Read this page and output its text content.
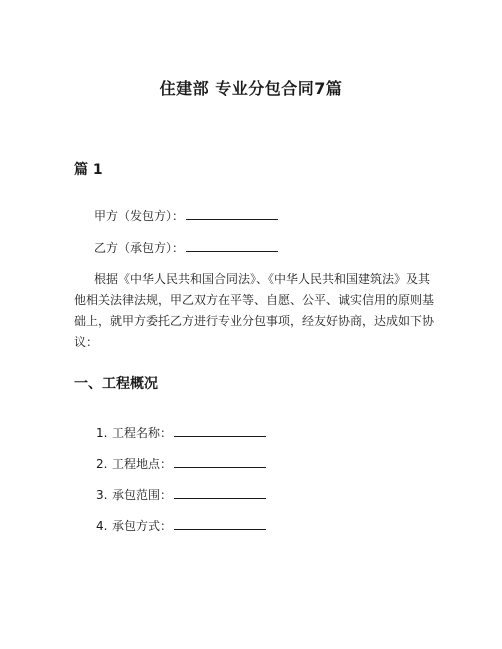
住建部 专业分包合同7篇
篇 1

甲方（发包方）：

乙方（承包方）：

根据《中华人民共和国合同法》、《中华人民共和国建筑法》及其
他相关法律法规，甲乙双方在平等、自愿、公平、诚实信用的原则基
础上，就甲方委托乙方进行专业分包事项，经友好协商，达成如下协
议：

一、工程概况
1. 工程名称：
2. 工程地点：
3. 承包范围：
4. 承包方式：
